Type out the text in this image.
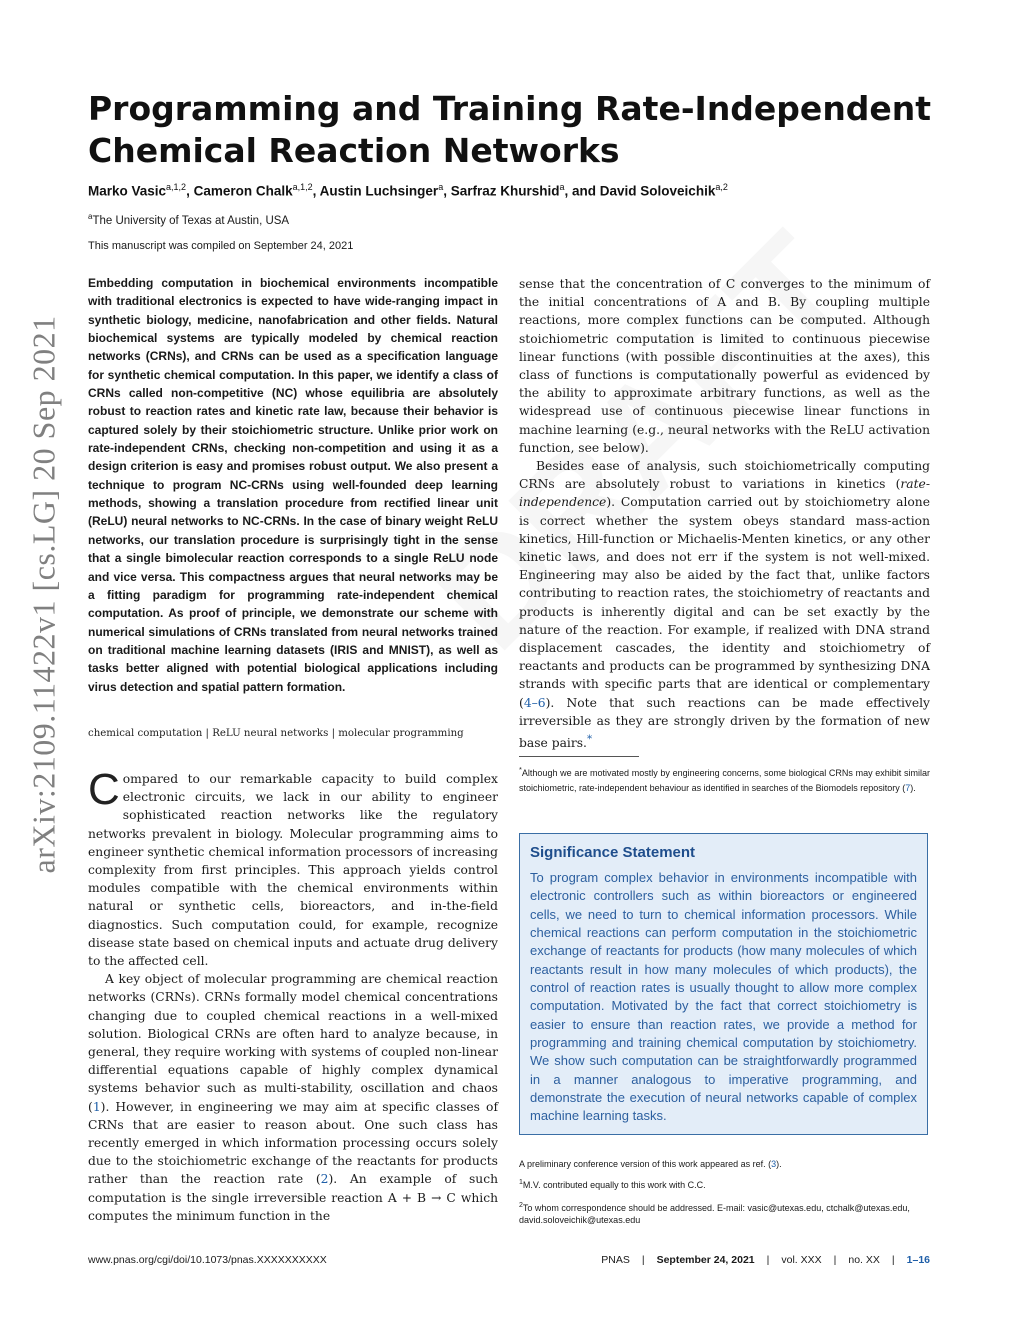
arXiv:2109.11422v1 [cs.LG] 20 Sep 2021
Programming and Training Rate-Independent Chemical Reaction Networks
Marko Vasic$^{a,1,2}$, Cameron Chalk$^{a,1,2}$, Austin Luchsinger$^a$, Sarfraz Khurshid$^a$, and David Soloveichik$^{a,2}$
$^a$The University of Texas at Austin, USA
This manuscript was compiled on September 24, 2021

Embedding computation in biochemical environments incompatible with traditional electronics is expected to have wide-ranging impact in synthetic biology, medicine, nanofabrication and other fields. Natural biochemical systems are typically modeled by chemical reaction networks (CRNs), and CRNs can be used as a specification language for synthetic chemical computation. In this paper, we identify a class of CRNs called non-competitive (NC) whose equilibria are absolutely robust to reaction rates and kinetic rate law, because their behavior is captured solely by their stoichiometric structure. Unlike prior work on rate-independent CRNs, checking non-competition and using it as a design criterion is easy and promises robust output. We also present a technique to program NC-CRNs using well-founded deep learning methods, showing a translation procedure from rectified linear unit (ReLU) neural networks to NC-CRNs. In the case of binary weight ReLU networks, our translation procedure is surprisingly tight in the sense that a single bimolecular reaction corresponds to a single ReLU node and vice versa. This compactness argues that neural networks may be a fitting paradigm for programming rate-independent chemical computation. As proof of principle, we demonstrate our scheme with numerical simulations of CRNs translated from neural networks trained on traditional machine learning datasets (IRIS and MNIST), as well as tasks better aligned with potential biological applications including virus detection and spatial pattern formation.

chemical computation | ReLU neural networks | molecular programming

Compared to our remarkable capacity to build complex electronic circuits, we lack in our ability to engineer sophisticated reaction networks like the regulatory networks prevalent in biology. Molecular programming aims to engineer synthetic chemical information processors of increasing complexity from first principles. This approach yields control modules compatible with the chemical environments within natural or synthetic cells, bioreactors, and in-the-field diagnostics. Such computation could, for example, recognize disease state based on chemical inputs and actuate drug delivery to the affected cell.

A key object of molecular programming are chemical reaction networks (CRNs). CRNs formally model chemical concentrations changing due to coupled chemical reactions in a well-mixed solution. Biological CRNs are often hard to analyze because, in general, they require working with systems of coupled non-linear differential equations capable of highly complex dynamical systems behavior such as multi-stability, oscillation and chaos (1). However, in engineering we may aim at specific classes of CRNs that are easier to reason about. One such class has recently emerged in which information processing occurs solely due to the stoichiometric exchange of the reactants for products rather than the reaction rate (2). An example of such computation is the single irreversible reaction A + B → C which computes the minimum function in the

sense that the concentration of C converges to the minimum of the initial concentrations of A and B. By coupling multiple reactions, more complex functions can be computed. Although stoichiometric computation is limited to continuous piecewise linear functions (with possible discontinuities at the axes), this class of functions is computationally powerful as evidenced by the ability to approximate arbitrary functions, as well as the widespread use of continuous piecewise linear functions in machine learning (e.g., neural networks with the ReLU activation function, see below).

Besides ease of analysis, such stoichiometrically computing CRNs are absolutely robust to variations in kinetics (rate-independence). Computation carried out by stoichiometry alone is correct whether the system obeys standard mass-action kinetics, Hill-function or Michaelis-Menten kinetics, or any other kinetic laws, and does not err if the system is not well-mixed. Engineering may also be aided by the fact that, unlike factors contributing to reaction rates, the stoichiometry of reactants and products is inherently digital and can be set exactly by the nature of the reaction. For example, if realized with DNA strand displacement cascades, the identity and stoichiometry of reactants and products can be programmed by synthesizing DNA strands with specific parts that are identical or complementary (4–6). Note that such reactions can be made effectively irreversible as they are strongly driven by the formation of new base pairs.*

*Although we are motivated mostly by engineering concerns, some biological CRNs may exhibit similar stoichiometric, rate-independent behaviour as identified in searches of the Biomodels repository (7).

Significance Statement

To program complex behavior in environments incompatible with electronic controllers such as within bioreactors or engineered cells, we need to turn to chemical information processors. While chemical reactions can perform computation in the stoichiometric exchange of reactants for products (how many molecules of which reactants result in how many molecules of which products), the control of reaction rates is usually thought to allow more complex computation. Motivated by the fact that correct stoichiometry is easier to ensure than reaction rates, we provide a method for programming and training chemical computation by stoichiometry. We show such computation can be straightforwardly programmed in a manner analogous to imperative programming, and demonstrate the execution of neural networks capable of complex machine learning tasks.

A preliminary conference version of this work appeared as ref. (3).

$^1$M.V. contributed equally to this work with C.C.

$^2$To whom correspondence should be addressed. E-mail: vasic@utexas.edu, ctchalk@utexas.edu, david.soloveichik@utexas.edu

www.pnas.org/cgi/doi/10.1073/pnas.XXXXXXXXXX	PNAS | September 24, 2021 | vol. XXX | no. XX | 1–16
